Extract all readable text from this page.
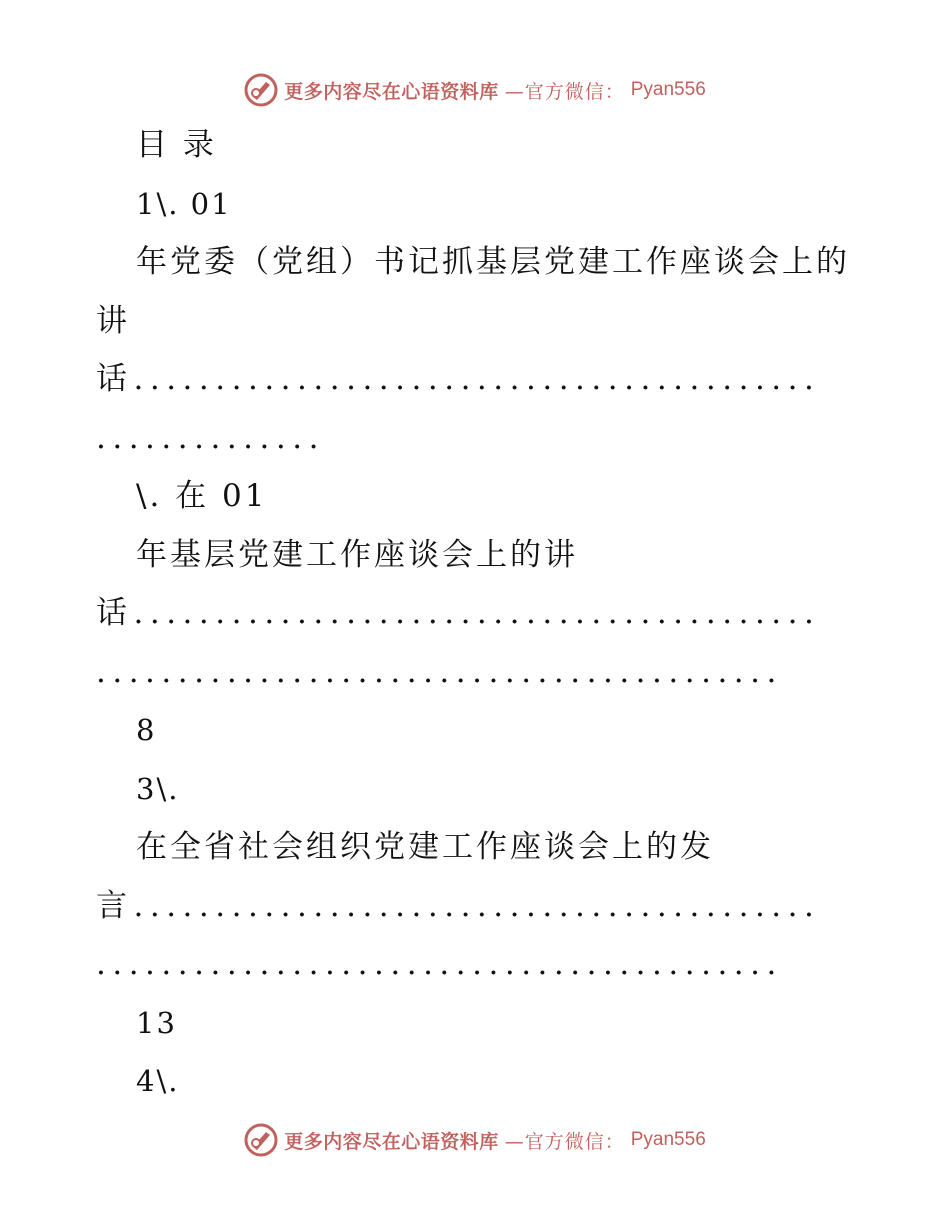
更多内容尽在心语资料库 —官方微信： Pyan556
目 录
1\. 01
年党委（党组）书记抓基层党建工作座谈会上的
讲
话..........................................
..............
\. 在 01
年基层党建工作座谈会上的讲
话..........................................
..........................................
8
3\.
在全省社会组织党建工作座谈会上的发
言..........................................
..........................................
13
4\.
更多内容尽在心语资料库 —官方微信： Pyan556
